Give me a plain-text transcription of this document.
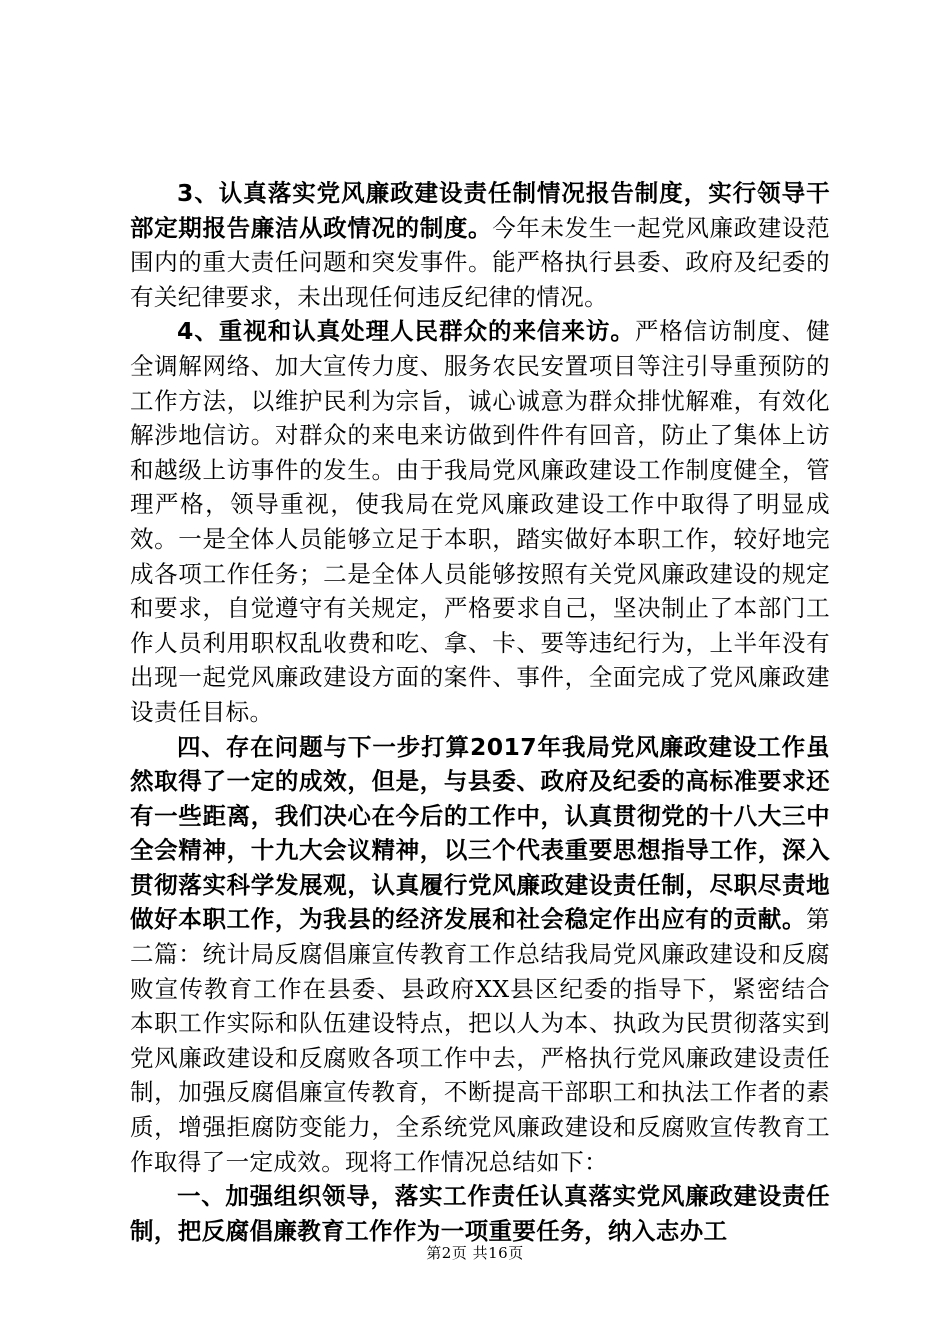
3、认真落实党风廉政建设责任制情况报告制度，实行领导干部定期报告廉洁从政情况的制度。今年未发生一起党风廉政建设范围内的重大责任问题和突发事件。能严格执行县委、政府及纪委的有关纪律要求，未出现任何违反纪律的情况。

4、重视和认真处理人民群众的来信来访。严格信访制度、健全调解网络、加大宣传力度、服务农民安置项目等注引导重预防的工作方法，以维护民利为宗旨，诚心诚意为群众排忧解难，有效化解涉地信访。对群众的来电来访做到件件有回音，防止了集体上访和越级上访事件的发生。由于我局党风廉政建设工作制度健全，管理严格，领导重视，使我局在党风廉政建设工作中取得了明显成效。一是全体人员能够立足于本职，踏实做好本职工作，较好地完成各项工作任务；二是全体人员能够按照有关党风廉政建设的规定和要求，自觉遵守有关规定，严格要求自己，坚决制止了本部门工作人员利用职权乱收费和吃、拿、卡、要等违纪行为，上半年没有出现一起党风廉政建设方面的案件、事件，全面完成了党风廉政建设责任目标。

四、存在问题与下一步打算2017年我局党风廉政建设工作虽然取得了一定的成效，但是，与县委、政府及纪委的高标准要求还有一些距离，我们决心在今后的工作中，认真贯彻党的十八大三中全会精神，十九大会议精神，以三个代表重要思想指导工作，深入贯彻落实科学发展观，认真履行党风廉政建设责任制，尽职尽责地做好本职工作，为我县的经济发展和社会稳定作出应有的贡献。第二篇：统计局反腐倡廉宣传教育工作总结我局党风廉政建设和反腐败宣传教育工作在县委、县政府XX县区纪委的指导下，紧密结合本职工作实际和队伍建设特点，把以人为本、执政为民贯彻落实到党风廉政建设和反腐败各项工作中去，严格执行党风廉政建设责任制，加强反腐倡廉宣传教育，不断提高干部职工和执法工作者的素质，增强拒腐防变能力，全系统党风廉政建设和反腐败宣传教育工作取得了一定成效。现将工作情况总结如下：

一、加强组织领导，落实工作责任认真落实党风廉政建设责任制，把反腐倡廉教育工作作为一项重要任务，纳入志办工

第2页 共16页
